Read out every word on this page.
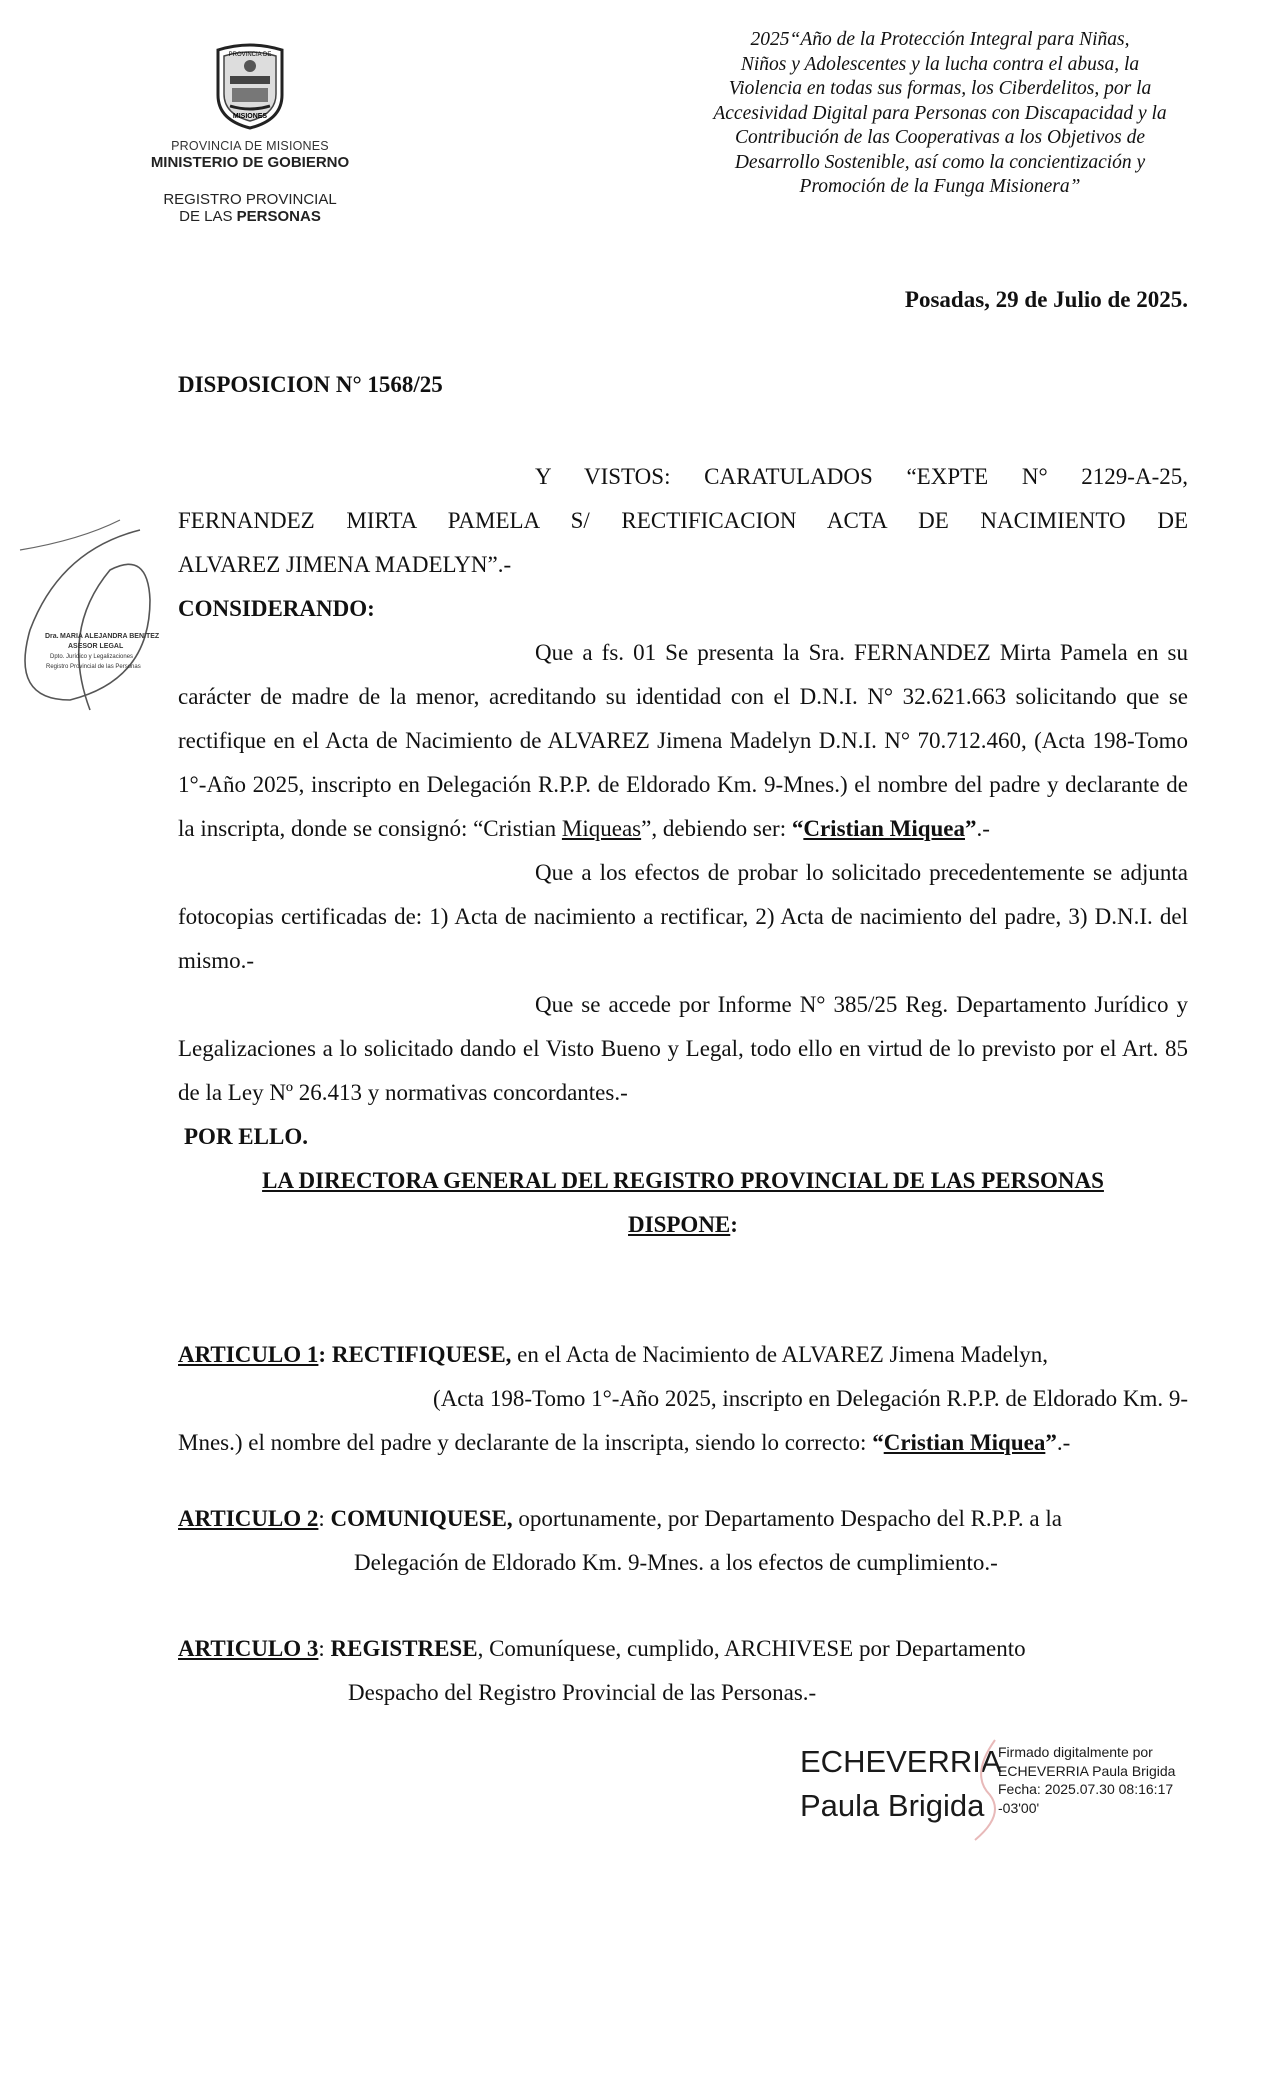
PROVINCIA DE
MISIONES
PROVINCIA DE MISIONES
MINISTERIO DE GOBIERNO
REGISTRO PROVINCIAL
DE LAS PERSONAS
2025“Año de la Protección Integral para Niñas,
Niños y Adolescentes y la lucha contra el abusa, la
Violencia en todas sus formas, los Ciberdelitos, por la
Accesividad Digital para Personas con Discapacidad y la
Contribución de las Cooperativas a los Objetivos de
Desarrollo Sostenible, así como la concientización y
Promoción de la Funga Misionera”
Posadas, 29 de Julio de 2025.
DISPOSICION N° 1568/25
Dra. MARIA ALEJANDRA BENITEZ
ASESOR LEGAL
Dpto. Jurídico y Legalizaciones
Registro Provincial de las Personas

Y VISTOS: CARATULADOS “EXPTE N° 2129-A-25,

FERNANDEZ MIRTA PAMELA S/ RECTIFICACION ACTA DE NACIMIENTO DE

ALVAREZ JIMENA MADELYN”.-

CONSIDERANDO:

Que a fs. 01 Se presenta la Sra. FERNANDEZ Mirta Pamela en su carácter de madre de la menor, acreditando su identidad con el D.N.I. N° 32.621.663 solicitando que se rectifique en el Acta de Nacimiento de ALVAREZ Jimena Madelyn D.N.I. N° 70.712.460, (Acta 198-Tomo 1°-Año 2025, inscripto en Delegación R.P.P. de Eldorado Km. 9-Mnes.) el nombre del padre y declarante de la inscripta, donde se consignó: “Cristian Miqueas”, debiendo ser: “Cristian Miquea”.-

Que a los efectos de probar lo solicitado precedentemente se adjunta fotocopias certificadas de: 1) Acta de nacimiento a rectificar, 2) Acta de nacimiento del padre, 3) D.N.I. del mismo.-

Que se accede por Informe N° 385/25 Reg. Departamento Jurídico y Legalizaciones a lo solicitado dando el Visto Bueno y Legal, todo ello en virtud de lo previsto por el Art. 85 de la Ley Nº 26.413 y normativas concordantes.-

POR ELLO.

LA DIRECTORA GENERAL DEL REGISTRO PROVINCIAL DE LAS PERSONAS

DISPONE:

ARTICULO 1: RECTIFIQUESE, en el Acta de Nacimiento de ALVAREZ Jimena Madelyn,
(Acta 198-Tomo 1°-Año 2025, inscripto en Delegación R.P.P. de Eldorado Km. 9-
Mnes.) el nombre del padre y declarante de la inscripta, siendo lo correcto: “Cristian Miquea”.-
ARTICULO 2: COMUNIQUESE, oportunamente, por Departamento Despacho del R.P.P. a la
Delegación de Eldorado Km. 9-Mnes. a los efectos de cumplimiento.-
ARTICULO 3: REGISTRESE, Comuníquese, cumplido, ARCHIVESE por Departamento
Despacho del Registro Provincial de las Personas.-
ECHEVERRIA
Paula Brigida
Firmado digitalmente por
ECHEVERRIA Paula Brigida
Fecha: 2025.07.30 08:16:17
-03'00'
